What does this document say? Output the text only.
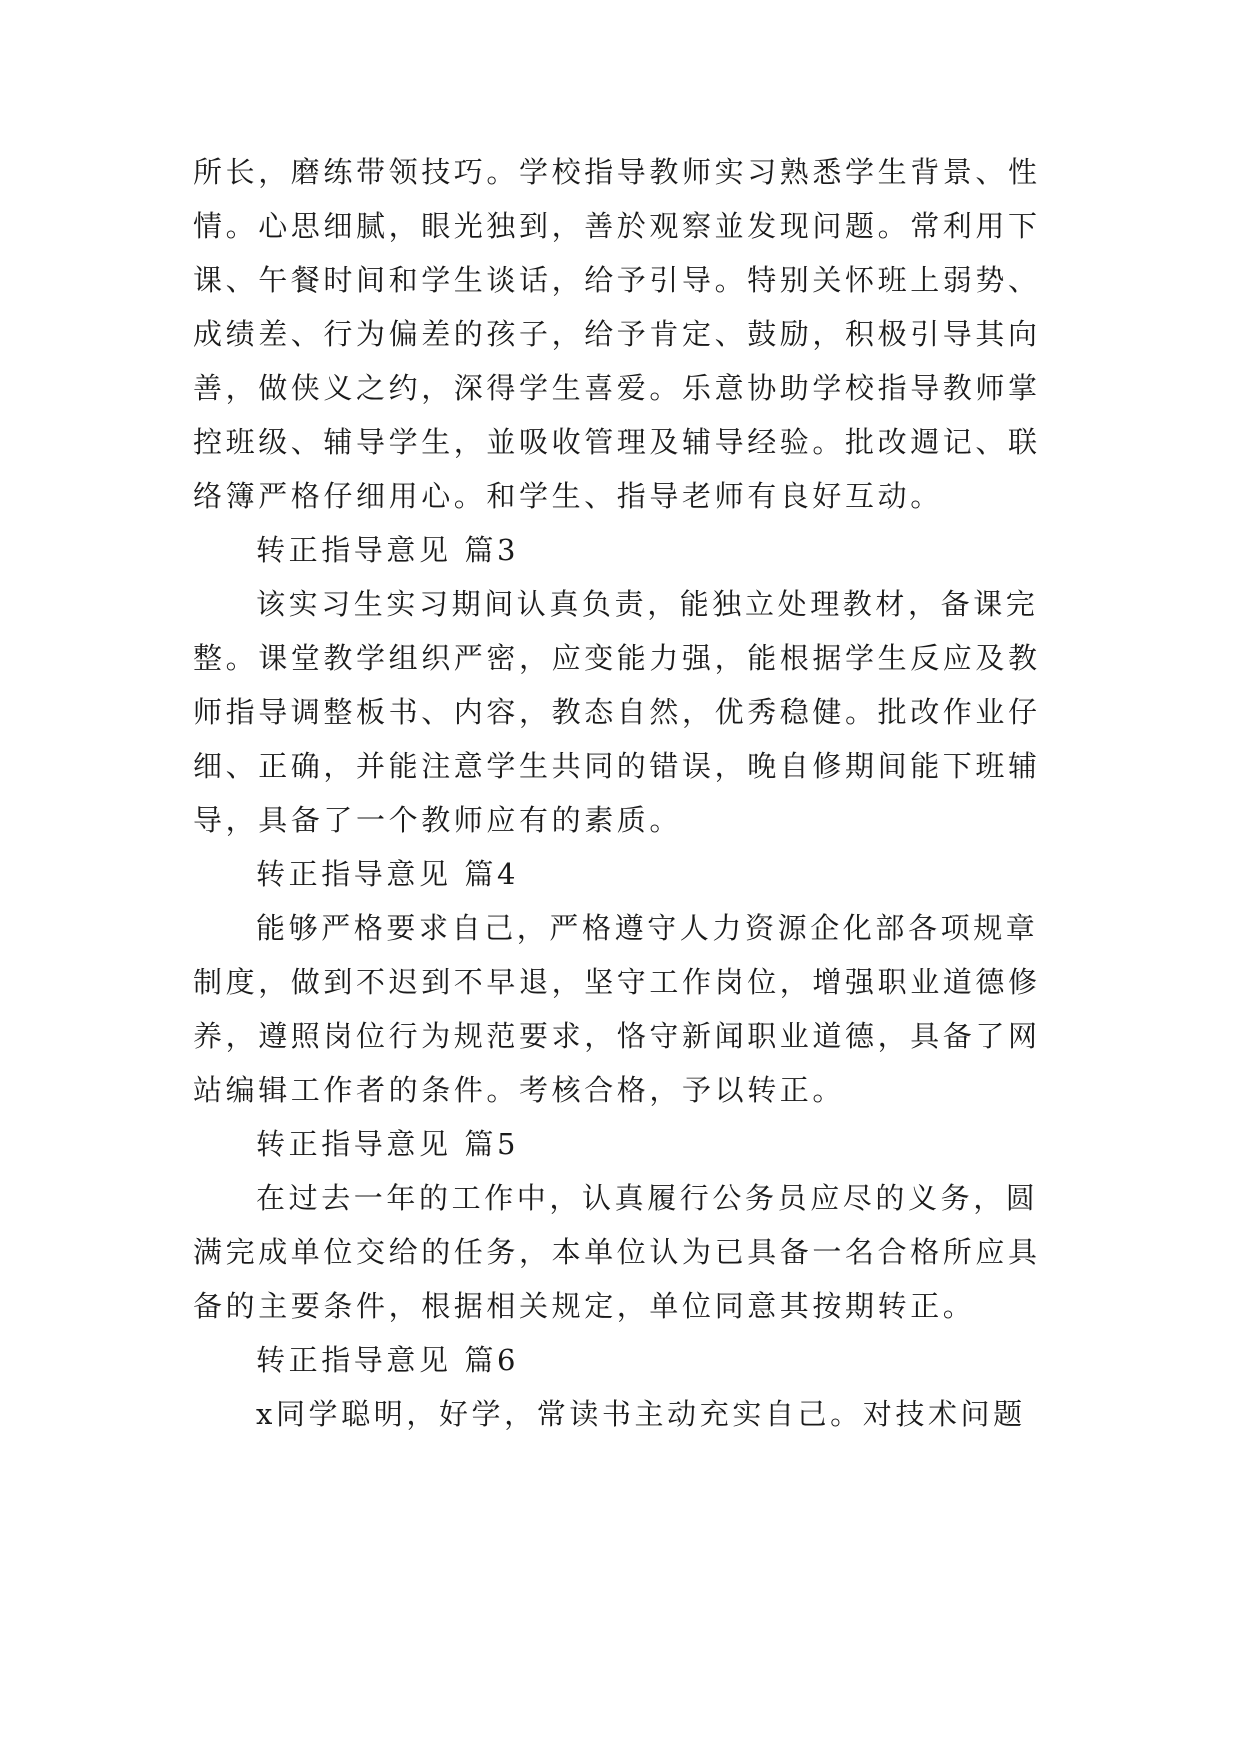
所长，磨练带领技巧。学校指导教师实习熟悉学生背景、性
情。心思细腻，眼光独到，善於观察並发现问题。常利用下
课、午餐时间和学生谈话，给予引导。特别关怀班上弱势、
成绩差、行为偏差的孩子，给予肯定、鼓励，积极引导其向
善，做侠义之约，深得学生喜爱。乐意协助学校指导教师掌
控班级、辅导学生，並吸收管理及辅导经验。批改週记、联
络簿严格仔细用心。和学生、指导老师有良好互动。
转正指导意见 篇3
该实习生实习期间认真负责，能独立处理教材，备课完
整。课堂教学组织严密，应变能力强，能根据学生反应及教
师指导调整板书、内容，教态自然，优秀稳健。批改作业仔
细、正确，并能注意学生共同的错误，晚自修期间能下班辅
导，具备了一个教师应有的素质。
转正指导意见 篇4
能够严格要求自己，严格遵守人力资源企化部各项规章
制度，做到不迟到不早退，坚守工作岗位，增强职业道德修
养，遵照岗位行为规范要求，恪守新闻职业道德，具备了网
站编辑工作者的条件。考核合格，予以转正。
转正指导意见 篇5
在过去一年的工作中，认真履行公务员应尽的义务，圆
满完成单位交给的任务，本单位认为已具备一名合格所应具
备的主要条件，根据相关规定，单位同意其按期转正。
转正指导意见 篇6
x同学聪明，好学，常读书主动充实自己。对技术问题
